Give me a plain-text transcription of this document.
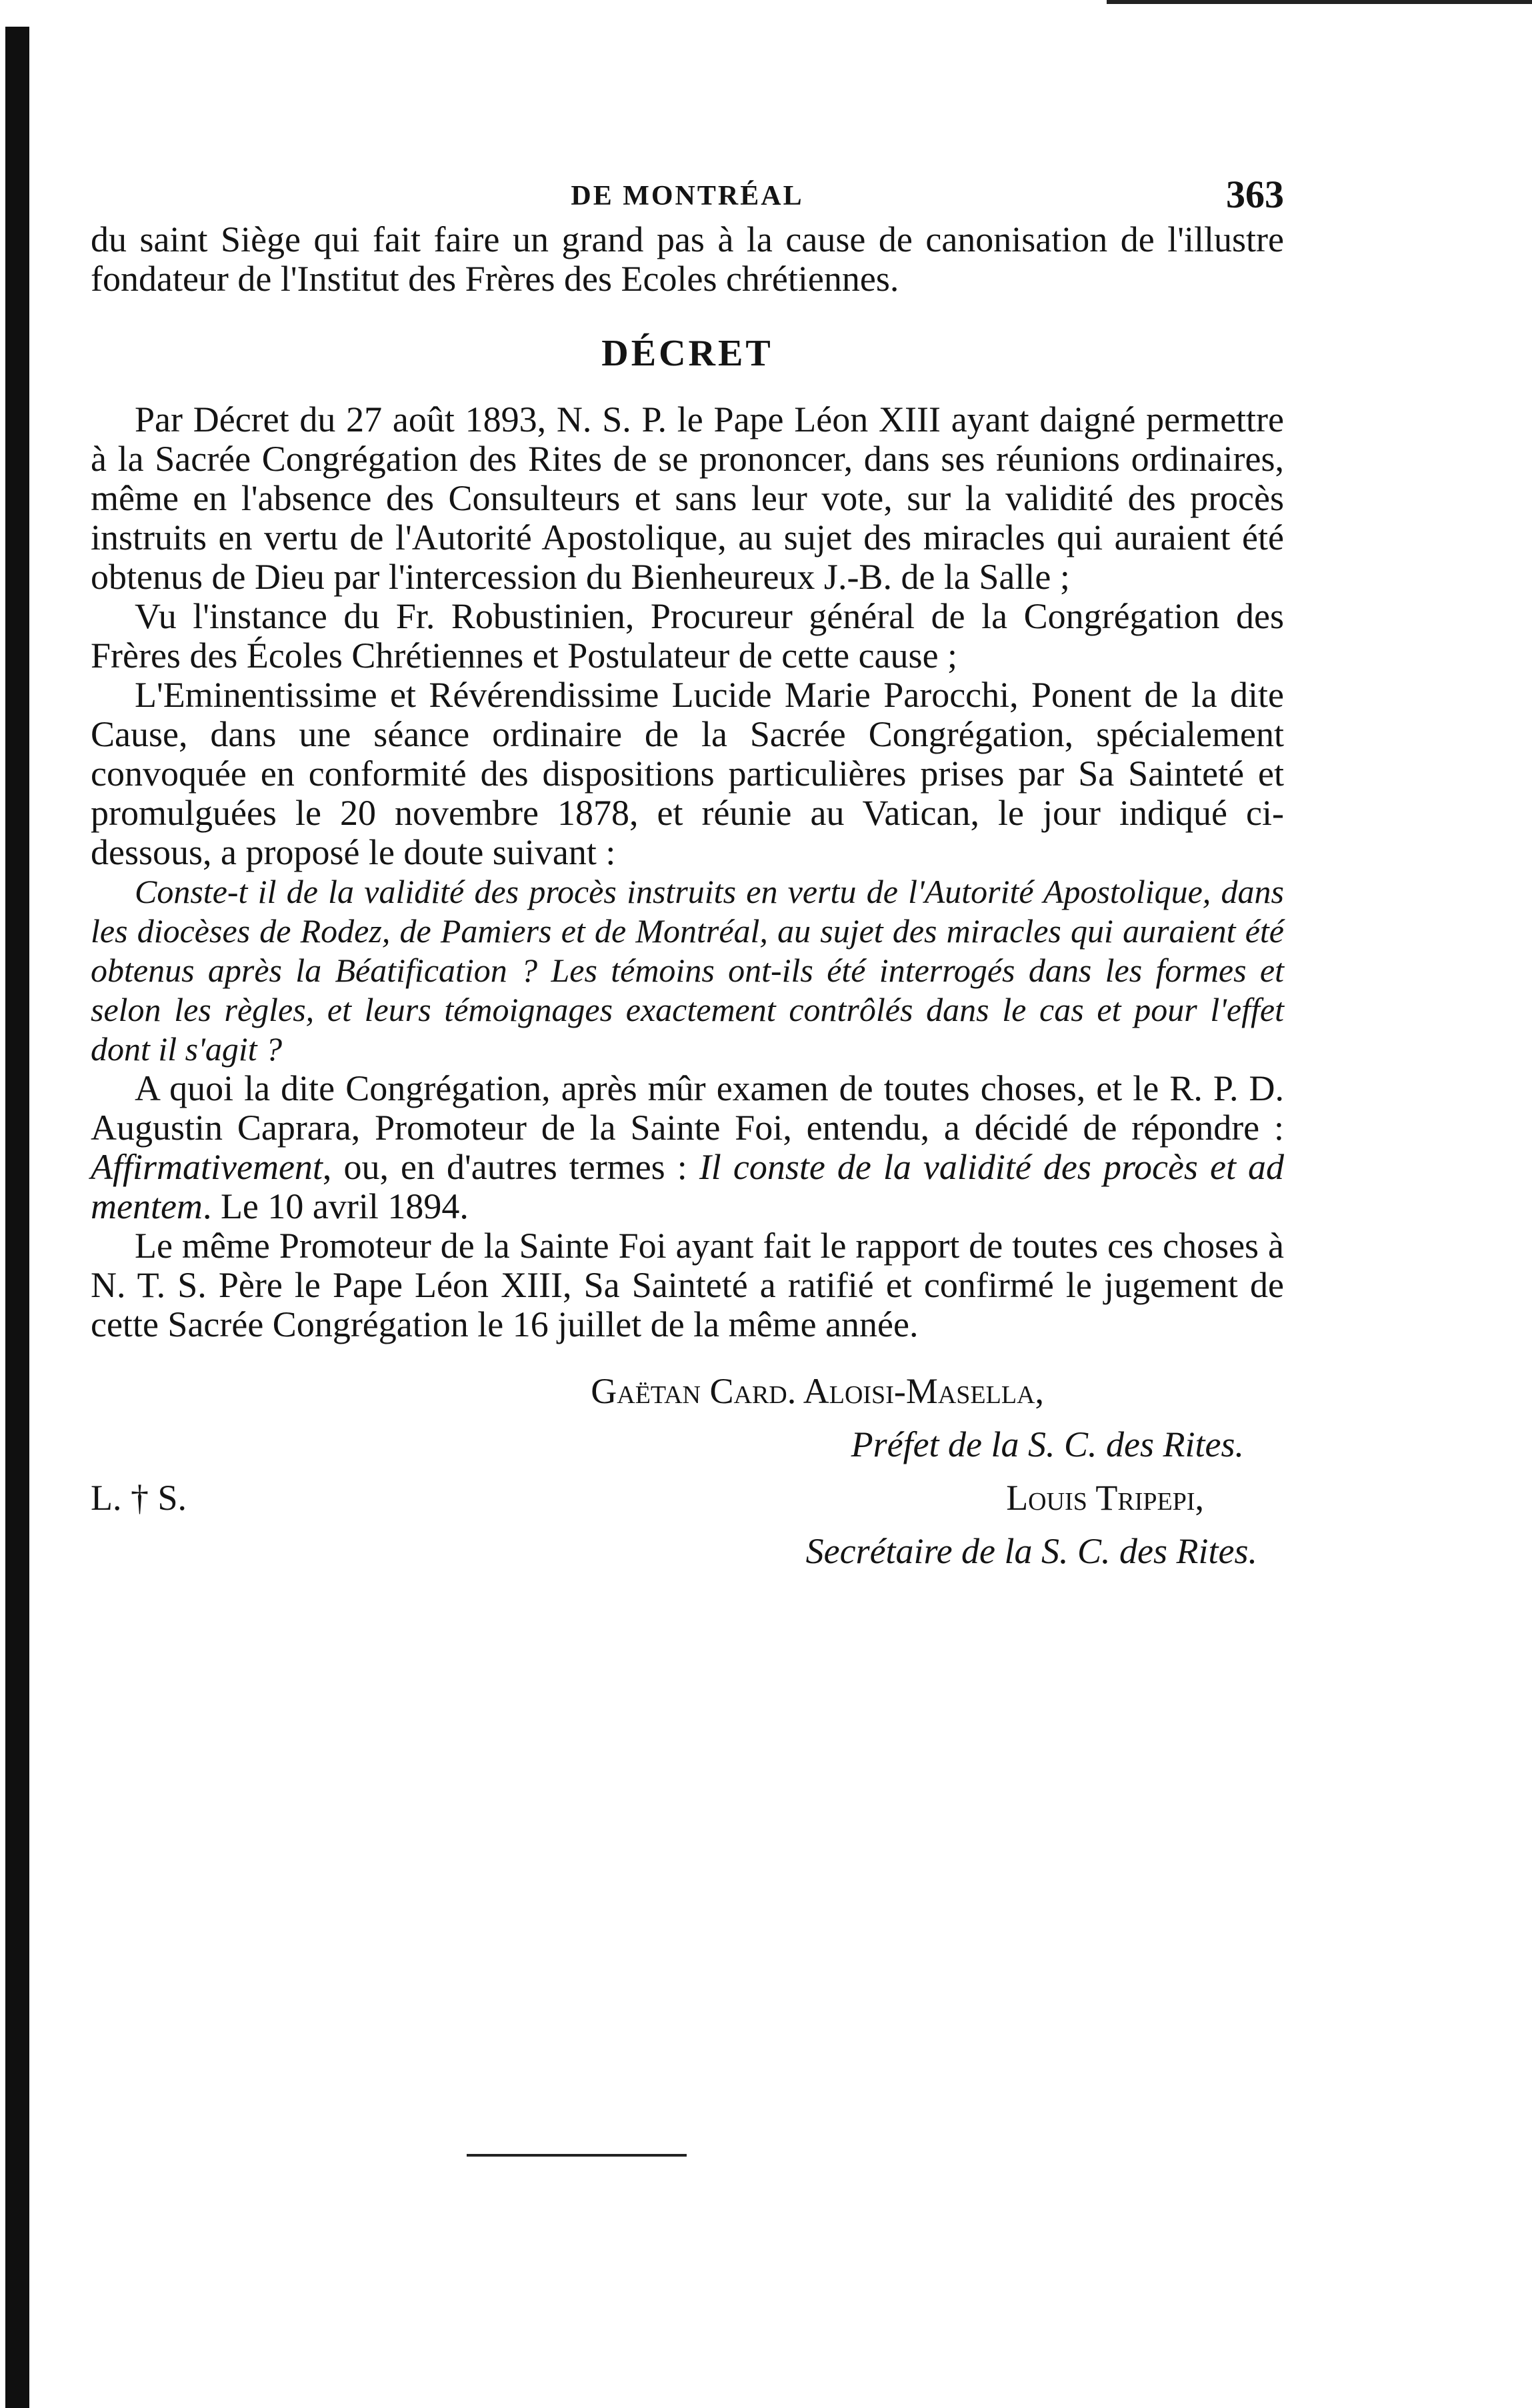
DE MONTRÉAL	363

du saint Siège qui fait faire un grand pas à la cause de canonisation de l'illustre fondateur de l'Institut des Frères des Ecoles chrétiennes.

DÉCRET

Par Décret du 27 août 1893, N. S. P. le Pape Léon XIII ayant daigné permettre à la Sacrée Congrégation des Rites de se prononcer, dans ses réunions ordinaires, même en l'absence des Consulteurs et sans leur vote, sur la validité des procès instruits en vertu de l'Autorité Apostolique, au sujet des miracles qui auraient été obtenus de Dieu par l'intercession du Bienheureux J.-B. de la Salle ;

Vu l'instance du Fr. Robustinien, Procureur général de la Congrégation des Frères des Écoles Chrétiennes et Postulateur de cette cause ;

L'Eminentissime et Révérendissime Lucide Marie Parocchi, Ponent de la dite Cause, dans une séance ordinaire de la Sacrée Congrégation, spécialement convoquée en conformité des dispositions particulières prises par Sa Sainteté et promulguées le 20 novembre 1878, et réunie au Vatican, le jour indiqué ci-dessous, a proposé le doute suivant :

Conste-t il de la validité des procès instruits en vertu de l'Autorité Apostolique, dans les diocèses de Rodez, de Pamiers et de Montréal, au sujet des miracles qui auraient été obtenus après la Béatification ? Les témoins ont-ils été interrogés dans les formes et selon les règles, et leurs témoignages exactement contrôlés dans le cas et pour l'effet dont il s'agit ?

A quoi la dite Congrégation, après mûr examen de toutes choses, et le R. P. D. Augustin Caprara, Promoteur de la Sainte Foi, entendu, a décidé de répondre : Affirmativement, ou, en d'autres termes : Il conste de la validité des procès et ad mentem. Le 10 avril 1894.

Le même Promoteur de la Sainte Foi ayant fait le rapport de toutes ces choses à N. T. S. Père le Pape Léon XIII, Sa Sainteté a ratifié et confirmé le jugement de cette Sacrée Congrégation le 16 juillet de la même année.

Gaëtan Card. Aloisi-Masella,
Préfet de la S. C. des Rites.
L. † S.	Louis Tripepi,
Secrétaire de la S. C. des Rites.
